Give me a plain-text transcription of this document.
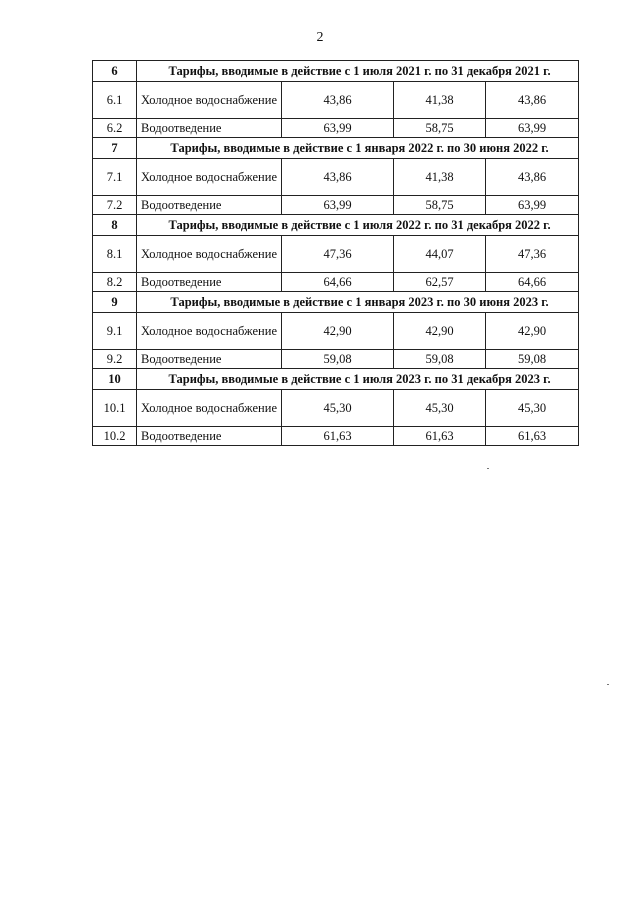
2
6	Тарифы, вводимые в действие с 1 июля 2021 г. по 31 декабря 2021 г.			
6.1	Холодное водоснабжение	43,86	41,38	43,86
6.2	Водоотведение	63,99	58,75	63,99
7	Тарифы, вводимые в действие с 1 января 2022 г. по 30 июня 2022 г.			
7.1	Холодное водоснабжение	43,86	41,38	43,86
7.2	Водоотведение	63,99	58,75	63,99
8	Тарифы, вводимые в действие с 1 июля 2022 г. по 31 декабря 2022 г.			
8.1	Холодное водоснабжение	47,36	44,07	47,36
8.2	Водоотведение	64,66	62,57	64,66
9	Тарифы, вводимые в действие с 1 января 2023 г. по 30 июня 2023 г.			
9.1	Холодное водоснабжение	42,90	42,90	42,90
9.2	Водоотведение	59,08	59,08	59,08
10	Тарифы, вводимые в действие с 1 июля 2023 г. по 31 декабря 2023 г.			
10.1	Холодное водоснабжение	45,30	45,30	45,30
10.2	Водоотведение	61,63	61,63	61,63
